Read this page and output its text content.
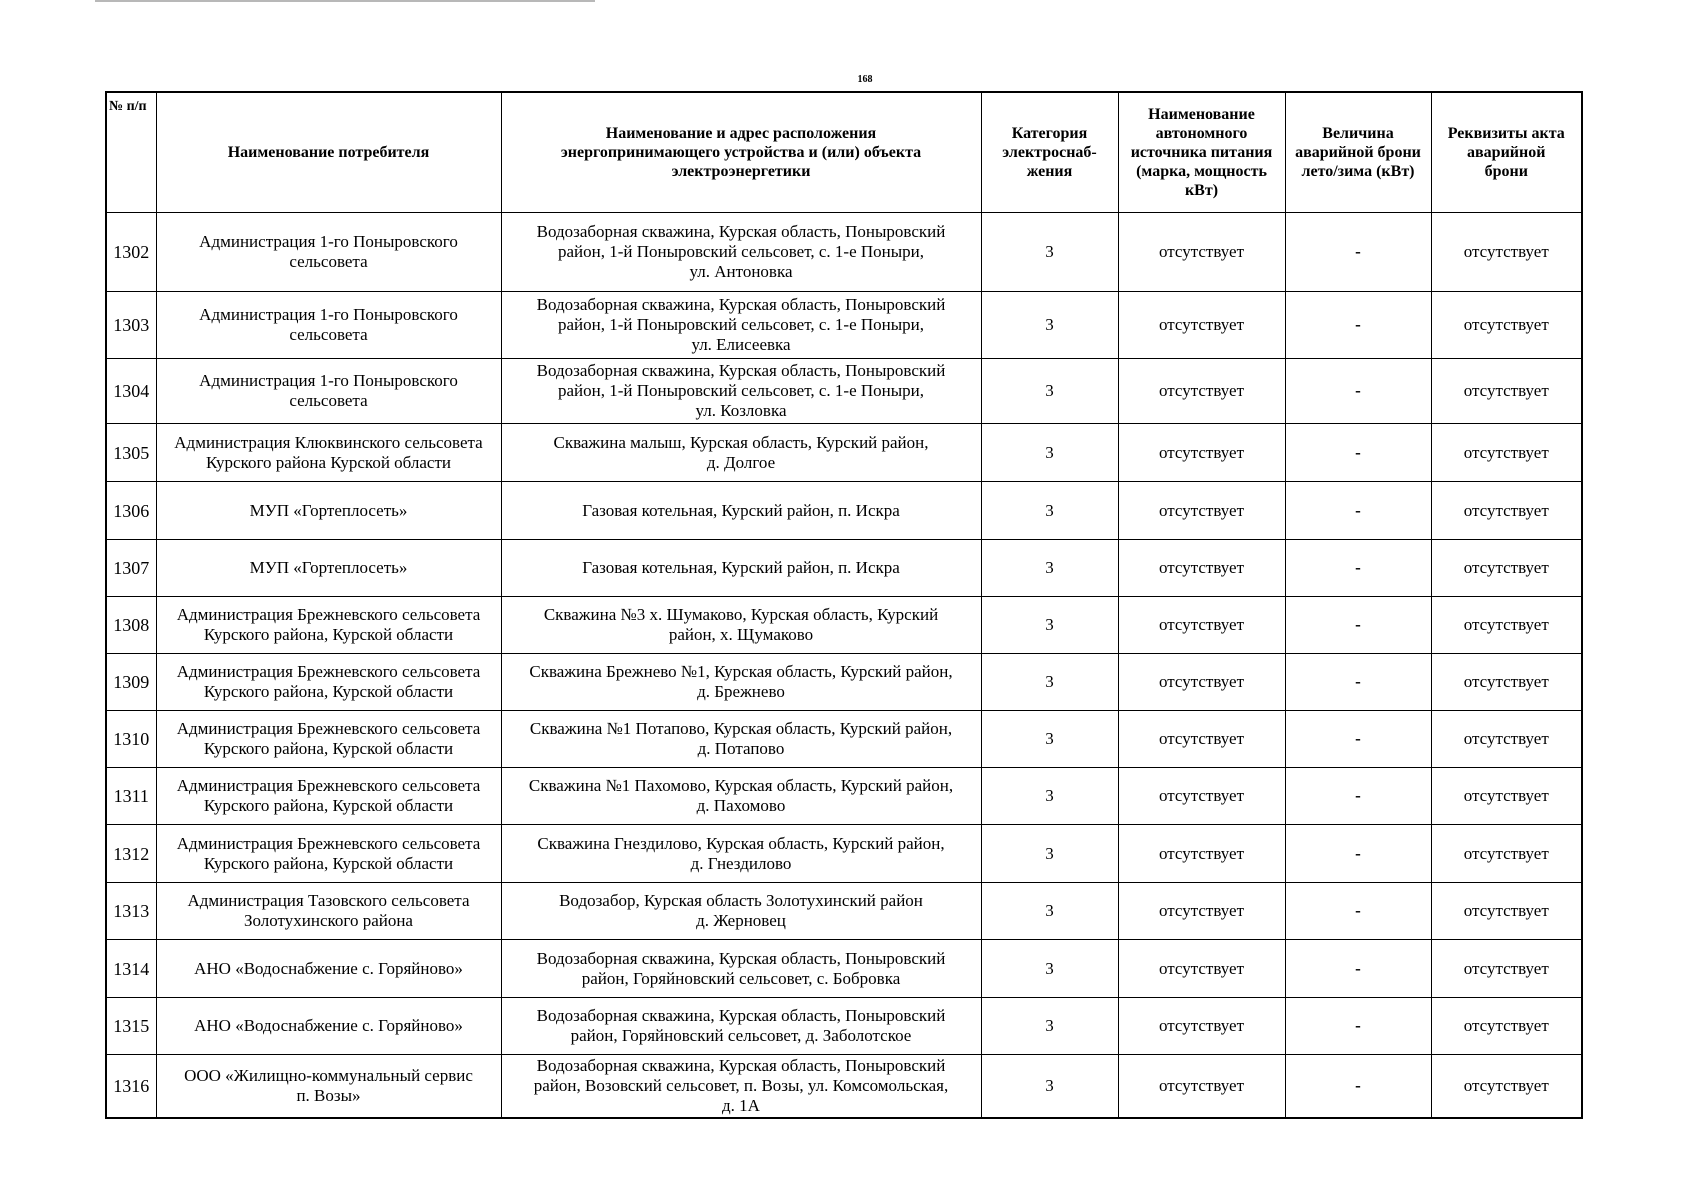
168
№ п/п	Наименование потребителя	Наименование и адрес расположения
энергопринимающего устройства и (или) объекта
электроэнергетики	Категория
электроснаб-
жения	Наименование
автономного
источника питания
(марка, мощность
кВт)	Величина
аварийной брони
лето/зима (кВт)	Реквизиты акта
аварийной
брони
1302	Администрация 1-го Поныровского
сельсовета	Водозаборная скважина, Курская область, Поныровский
район, 1-й Поныровский сельсовет, с. 1-е Поныри,
ул. Антоновка	3	отсутствует	-	отсутствует
1303	Администрация 1-го Поныровского
сельсовета	Водозаборная скважина, Курская область, Поныровский
район, 1-й Поныровский сельсовет, с. 1-е Поныри,
ул. Елисеевка	3	отсутствует	-	отсутствует
1304	Администрация 1-го Поныровского
сельсовета	Водозаборная скважина, Курская область, Поныровский
район, 1-й Поныровский сельсовет, с. 1-е Поныри,
ул. Козловка	3	отсутствует	-	отсутствует
1305	Администрация Клюквинского сельсовета
Курского района Курской области	Скважина малыш, Курская область, Курский район,
д. Долгое	3	отсутствует	-	отсутствует
1306	МУП «Гортеплосеть»	Газовая котельная, Курский район, п. Искра	3	отсутствует	-	отсутствует
1307	МУП «Гортеплосеть»	Газовая котельная, Курский район, п. Искра	3	отсутствует	-	отсутствует
1308	Администрация Брежневского сельсовета
Курского района, Курской области	Скважина №3 х. Шумаково, Курская область, Курский
район, х. Щумаково	3	отсутствует	-	отсутствует
1309	Администрация Брежневского сельсовета
Курского района, Курской области	Скважина Брежнево №1, Курская область, Курский район,
д. Брежнево	3	отсутствует	-	отсутствует
1310	Администрация Брежневского сельсовета
Курского района, Курской области	Скважина №1 Потапово, Курская область, Курский район,
д. Потапово	3	отсутствует	-	отсутствует
1311	Администрация Брежневского сельсовета
Курского района, Курской области	Скважина №1 Пахомово, Курская область, Курский район,
д. Пахомово	3	отсутствует	-	отсутствует
1312	Администрация Брежневского сельсовета
Курского района, Курской области	Скважина Гнездилово, Курская область, Курский район,
д. Гнездилово	3	отсутствует	-	отсутствует
1313	Администрация Тазовского сельсовета
Золотухинского района	Водозабор, Курская область Золотухинский район
д. Жерновец	3	отсутствует	-	отсутствует
1314	АНО «Водоснабжение с. Горяйново»	Водозаборная скважина, Курская область, Поныровский
район, Горяйновский сельсовет, с. Бобровка	3	отсутствует	-	отсутствует
1315	АНО «Водоснабжение с. Горяйново»	Водозаборная скважина, Курская область, Поныровский
район, Горяйновский сельсовет, д. Заболотское	3	отсутствует	-	отсутствует
1316	ООО «Жилищно-коммунальный сервис
п. Возы»	Водозаборная скважина, Курская область, Поныровский
район, Возовский сельсовет, п. Возы, ул. Комсомольская,
д. 1А	3	отсутствует	-	отсутствует
